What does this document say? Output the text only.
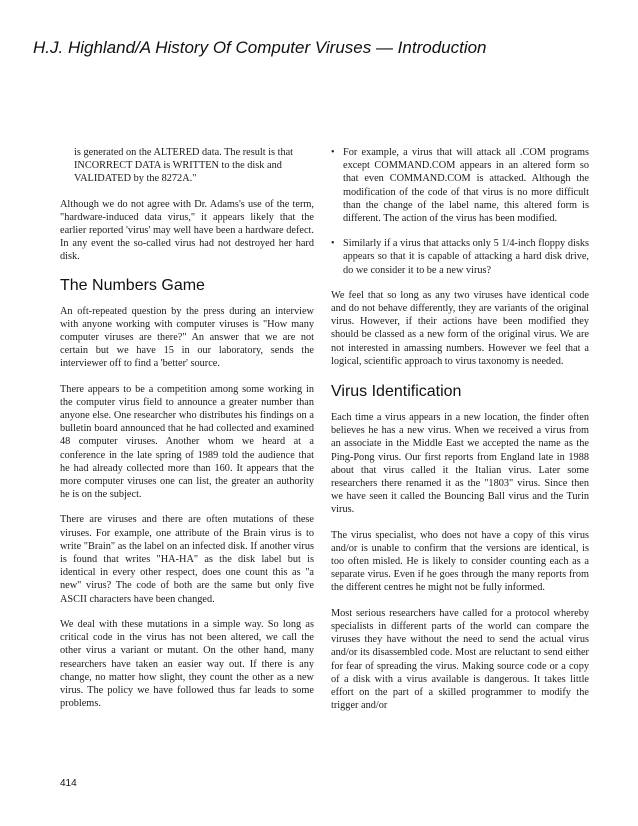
H.J. Highland/A History Of Computer Viruses — Introduction

is generated on the ALTERED data. The result is that INCORRECT DATA is WRITTEN to the disk and VALIDATED by the 8272A."

Although we do not agree with Dr. Adams's use of the term, "hardware-induced data virus," it appears likely that the earlier reported 'virus' may well have been a hardware defect. In any event the so-called virus had not destroyed her hard disk.

The Numbers Game

An oft-repeated question by the press during an interview with anyone working with computer viruses is "How many computer viruses are there?" An answer that we are not certain but we have 15 in our laboratory, sends the interviewer off to find a 'better' source.

There appears to be a competition among some working in the computer virus field to announce a greater number than anyone else. One researcher who distributes his findings on a bulletin board announced that he had collected and examined 48 computer viruses. Another whom we heard at a conference in the late spring of 1989 told the audience that he had already collected more than 160. It appears that the more computer viruses one can list, the greater an authority he is on the subject.

There are viruses and there are often mutations of these viruses. For example, one attribute of the Brain virus is to write "Brain" as the label on an infected disk. If another virus is found that writes "HA-HA" as the disk label but is identical in every other respect, does one count this as "a new" virus? The code of both are the same but only five ASCII characters have been changed.

We deal with these mutations in a simple way. So long as critical code in the virus has not been altered, we call the other virus a variant or mutant. On the other hand, many researchers have taken an easier way out. If there is any change, no matter how slight, they count the other as a new virus. The policy we have followed thus far leads to some problems.

• For example, a virus that will attack all .COM programs except COMMAND.COM appears in an altered form so that even COMMAND.COM is attacked. Although the modification of the code of that virus is no more difficult than the change of the label name, this altered form is different. The action of the virus has been modified.
• Similarly if a virus that attacks only 5 1/4-inch floppy disks appears so that it is capable of attacking a hard disk drive, do we consider it to be a new virus?

We feel that so long as any two viruses have identical code and do not behave differently, they are variants of the original virus. However, if their actions have been modified they should be classed as a new form of the original virus. We are not interested in amassing numbers. However we feel that a logical, scientific approach to virus taxonomy is needed.

Virus Identification

Each time a virus appears in a new location, the finder often believes he has a new virus. When we received a virus from an associate in the Middle East we accepted the name as the Ping-Pong virus. Our first reports from England late in 1988 about that virus called it the Italian virus. Later some researchers there renamed it as the "1803" virus. Since then we have seen it called the Bouncing Ball virus and the Turin virus.

The virus specialist, who does not have a copy of this virus and/or is unable to confirm that the versions are identical, is too often misled. He is likely to consider counting each as a separate virus. Even if he goes through the many reports from the different centres he might not be fully informed.

Most serious researchers have called for a protocol whereby specialists in different parts of the world can compare the viruses they have without the need to send the actual virus and/or its disassembled code. Most are reluctant to send either for fear of spreading the virus. Making source code or a copy of a disk with a virus available is dangerous. It takes little effort on the part of a skilled programmer to modify the trigger and/or

414
